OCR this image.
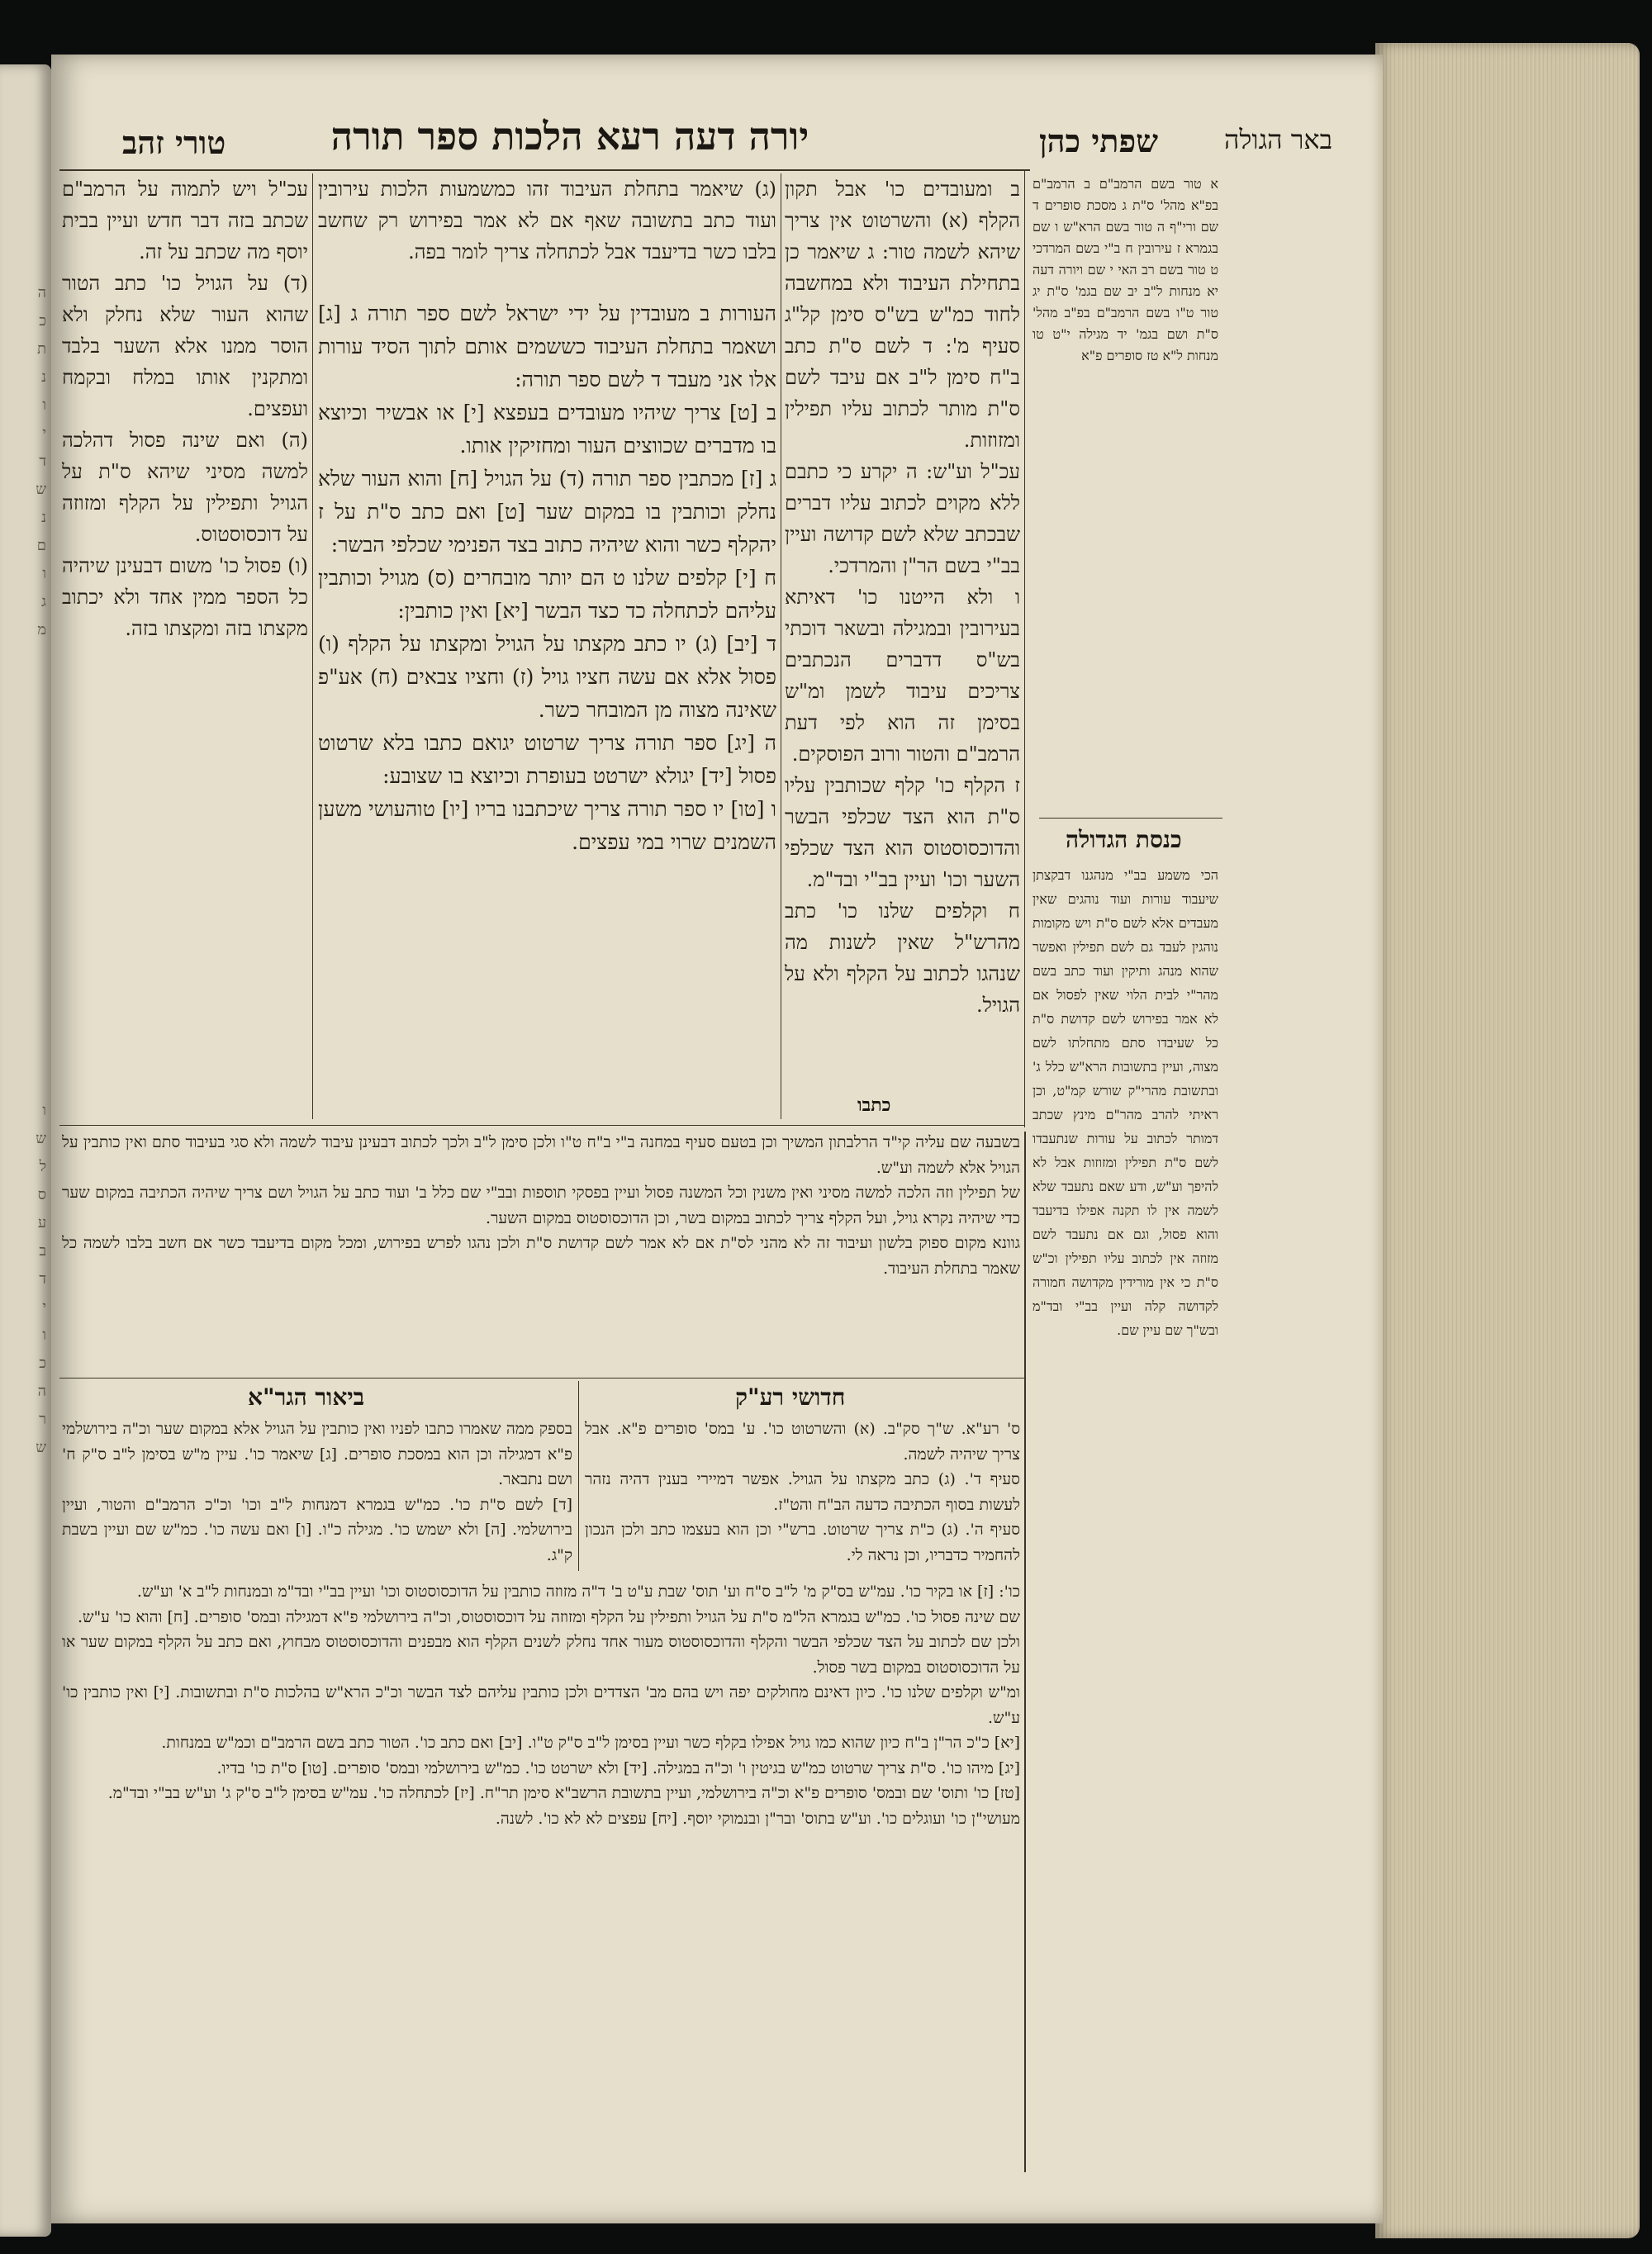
ה
כ
ת
נ
ו
י
ד
ש
נ
ם
ו
ג
מ
ו
ש
ל
ס
ע
ב
ד
י
ו
כ
ה
ר
ש
יורה דעה רעא הלכות ספר תורה	שפתי כהן באר הגולה
טורי זהב

ב ומעובדים כו' אבל תקון הקלף (א) והשרטוט אין צריך שיהא לשמה טור: ג שיאמר כן בתחילת העיבוד ולא במחשבה לחוד כמ"ש בש"ס סימן קל"ג סעיף מ': ד לשם ס"ת כתב ב"ח סימן ל"ב אם עיבד לשם ס"ת מותר לכתוב עליו תפילין ומזוזות.

עכ"ל וע"ש: ה יקרע כי כתבם ללא מקוים לכתוב עליו דברים שבכתב שלא לשם קדושה ועיין בב"י בשם הר"ן והמרדכי.

ו ולא הייטנו כו' דאיתא בעירובין ובמגילה ובשאר דוכתי בש"ס דדברים הנכתבים צריכים עיבוד לשמן ומ"ש בסימן זה הוא לפי דעת הרמב"ם והטור ורוב הפוסקים.

ז הקלף כו' קלף שכותבין עליו ס"ת הוא הצד שכלפי הבשר והדוכסוסטוס הוא הצד שכלפי השער וכו' ועיין בב"י ובד"מ.

ח וקלפים שלנו כו' כתב מהרש"ל שאין לשנות מה שנהגו לכתוב על הקלף ולא על הגויל.

כתבו

העורות ב מעובדין על ידי ישראל לשם ספר תורה ג [ג] ושאמר בתחלת העיבוד כששמים אותם לתוך הסיד עורות אלו אני מעבד ד לשם ספר תורה:

ב [ט] צריך שיהיו מעובדים בעפצא [י] או אבשיר וכיוצא בו מדברים שכווצים העור ומחזיקין אותו.

ג [ז] מכתבין ספר תורה (ד) על הגויל [ח] והוא העור שלא נחלק וכותבין בו במקום שער [ט] ואם כתב ס"ת על ז יהקלף כשר והוא שיהיה כתוב בצד הפנימי שכלפי הבשר:

ח [י] קלפים שלנו ט הם יותר מובחרים (ס) מגויל וכותבין עליהם לכתחלה כד כצד הבשר [יא] ואין כותבין:

ד [יב] (ג) יו כתב מקצתו על הגויל ומקצתו על הקלף (ו) פסול אלא אם עשה חציו גויל (ז) וחציו צבאים (ח) אע"פ שאינה מצוה מן המובחר כשר.

ה [יג] ספר תורה צריך שרטוט יגואם כתבו בלא שרטוט פסול [יד] יגולא ישרטט בעופרת וכיוצא בו שצובע:

ו [טו] יו ספר תורה צריך שיכתבנו בריו [יו] טוהעושי משען השמנים שרוי במי עפצים.

(ג) שיאמר בתחלת העיבוד זהו כמשמעות הלכות עירובין ועוד כתב בתשובה שאף אם לא אמר בפירוש רק שחשב בלבו כשר בדיעבד אבל לכתחלה צריך לומר בפה.

עכ"ל ויש לתמוה על הרמב"ם שכתב בזה דבר חדש ועיין בבית יוסף מה שכתב על זה.

(ד) על הגויל כו' כתב הטור שהוא העור שלא נחלק ולא הוסר ממנו אלא השער בלבד ומתקנין אותו במלח ובקמח ועפצים.

(ה) ואם שינה פסול דהלכה למשה מסיני שיהא ס"ת על הגויל ותפילין על הקלף ומזוזה על דוכסוסטוס.

(ו) פסול כו' משום דבעינן שיהיה כל הספר ממין אחד ולא יכתוב מקצתו בזה ומקצתו בזה.

א טור בשם הרמב"ם ב הרמב"ם בפ"א מהל' ס"ת ג מסכת סופרים ד שם ורי"ף ה טור בשם הרא"ש ו שם בגמרא ז עירובין ח ב"י בשם המרדכי ט טור בשם רב האי י שם ויורה דעה יא מנחות ל"ב יב שם בגמ' ס"ת יג טור ט"ו בשם הרמב"ם בפ"ב מהל' ס"ת ושם בגמ' יד מגילה י"ט טו מנחות ל"א טז סופרים פ"א

כנסת הגדולה

הכי משמע בב"י מנהגנו דבקצתן שיעבוד עורות ועוד נוהגים שאין מעבדים אלא לשם ס"ת ויש מקומות נוהגין לעבד גם לשם תפילין ואפשר שהוא מנהג ותיקין ועוד כתב בשם מהר"י לבית הלוי שאין לפסול אם לא אמר בפירוש לשם קדושת ס"ת כל שעיבדו סתם מתחלתו לשם מצוה, ועיין בתשובות הרא"ש כלל ג' ובתשובת מהרי"ק שורש קמ"ט, וכן ראיתי להרב מהר"ם מינץ שכתב דמותר לכתוב על עורות שנתעבדו לשם ס"ת תפילין ומזוזות אבל לא להיפך וע"ש, ודע שאם נתעבד שלא לשמה אין לו תקנה אפילו בדיעבד והוא פסול, וגם אם נתעבד לשם מזוזה אין לכתוב עליו תפילין וכ"ש ס"ת כי אין מורידין מקדושה חמורה לקדושה קלה ועיין בב"י ובד"מ ובש"ך שם עיין שם.

בשבעה שם עליה קי"ד הרלבתון המשיך וכן בטעם סעיף במחנה ב"י ב"ח ט"ו ולכן סימן ל"ב ולכך לכתוב דבעינן עיבוד לשמה ולא סגי בעיבוד סתם ואין כותבין על הגויל אלא לשמה וע"ש.

של תפילין וזה הלכה למשה מסיני ואין משנין וכל המשנה פסול ועיין בפסקי תוספות ובב"י שם כלל ב' ועוד כתב על הגויל ושם צריך שיהיה הכתיבה במקום שער כדי שיהיה נקרא גויל, ועל הקלף צריך לכתוב במקום בשר, וכן הדוכסוסטוס במקום השער.

גוונא מקום ספוק בלשון ועיבוד זה לא מהני לס"ת אם לא אמר לשם קדושת ס"ת ולכן נהגו לפרש בפירוש, ומכל מקום בדיעבד כשר אם חשב בלבו לשמה כל שאמר בתחלת העיבוד.

חדושי רע"ק

ס' רע"א. ש"ך סק"ב. (א) והשרטוט כו'. ע' במס' סופרים פ"א. אבל צריך שיהיה לשמה.

סעיף ד'. (ג) כתב מקצתו על הגויל. אפשר דמיירי בענין דהיה נזהר לעשות בסוף הכתיבה כדעה הב"ח והט"ז.

סעיף ה'. (ג) כ"ת צריך שרטוט. ברש"י וכן הוא בעצמו כתב ולכן הנכון להחמיר כדבריו, וכן נראה לי.

ביאור הגר"א

בספק ממה שאמרו כתבו לפניו ואין כותבין על הגויל אלא במקום שער וכ"ה בירושלמי פ"א דמגילה וכן הוא במסכת סופרים. [ג] שיאמר כו'. עיין מ"ש בסימן ל"ב ס"ק ח' ושם נתבאר.

[ד] לשם ס"ת כו'. כמ"ש בגמרא דמנחות ל"ב וכו' וכ"כ הרמב"ם והטור, ועיין בירושלמי. [ה] ולא ישמש כו'. מגילה כ"ו. [ו] ואם עשה כו'. כמ"ש שם ועיין בשבת ק"ג.

כו': [ז] או בקיר כו'. עמ"ש בס"ק מ' ל"ב ס"ח וע' תוס' שבת ע"ט ב' ד"ה מזוזה כותבין על הדוכסוסטוס וכו' ועיין בב"י ובד"מ ובמנחות ל"ב א' וע"ש.

שם שינה פסול כו'. כמ"ש בגמרא הל"מ ס"ת על הגויל ותפילין על הקלף ומזוזה על דוכסוסטוס, וכ"ה בירושלמי פ"א דמגילה ובמס' סופרים. [ח] והוא כו' ע"ש.

ולכן שם לכתוב על הצד שכלפי הבשר והקלף והדוכסוסטוס מעור אחד נחלק לשנים הקלף הוא מבפנים והדוכסוסטוס מבחוץ, ואם כתב על הקלף במקום שער או על הדוכסוסטוס במקום בשר פסול.

ומ"ש וקלפים שלנו כו'. כיון דאינם מחולקים יפה ויש בהם מב' הצדדים ולכן כותבין עליהם לצד הבשר וכ"כ הרא"ש בהלכות ס"ת ובתשובות. [י] ואין כותבין כו' ע"ש.

[יא] כ"כ הר"ן ב"ח כיון שהוא כמו גויל אפילו בקלף כשר ועיין בסימן ל"ב ס"ק ט"ו. [יב] ואם כתב כו'. הטור כתב בשם הרמב"ם וכמ"ש במנחות.

[יג] מיהו כו'. ס"ת צריך שרטוט כמ"ש בגיטין ו' וכ"ה במגילה. [יד] ולא ישרטט כו'. כמ"ש בירושלמי ובמס' סופרים. [טו] ס"ת כו' בדיו.

[טז] כו' ותוס' שם ובמס' סופרים פ"א וכ"ה בירושלמי, ועיין בתשובת הרשב"א סימן תר"ח. [יז] לכתחלה כו'. עמ"ש בסימן ל"ב ס"ק ג' וע"ש בב"י ובד"מ.

מעושי"ן כו' ועוגלים כו'. וע"ש בתוס' ובר"ן ובנמוקי יוסף. [יח] עפצים לא לא כו'. לשנה.
